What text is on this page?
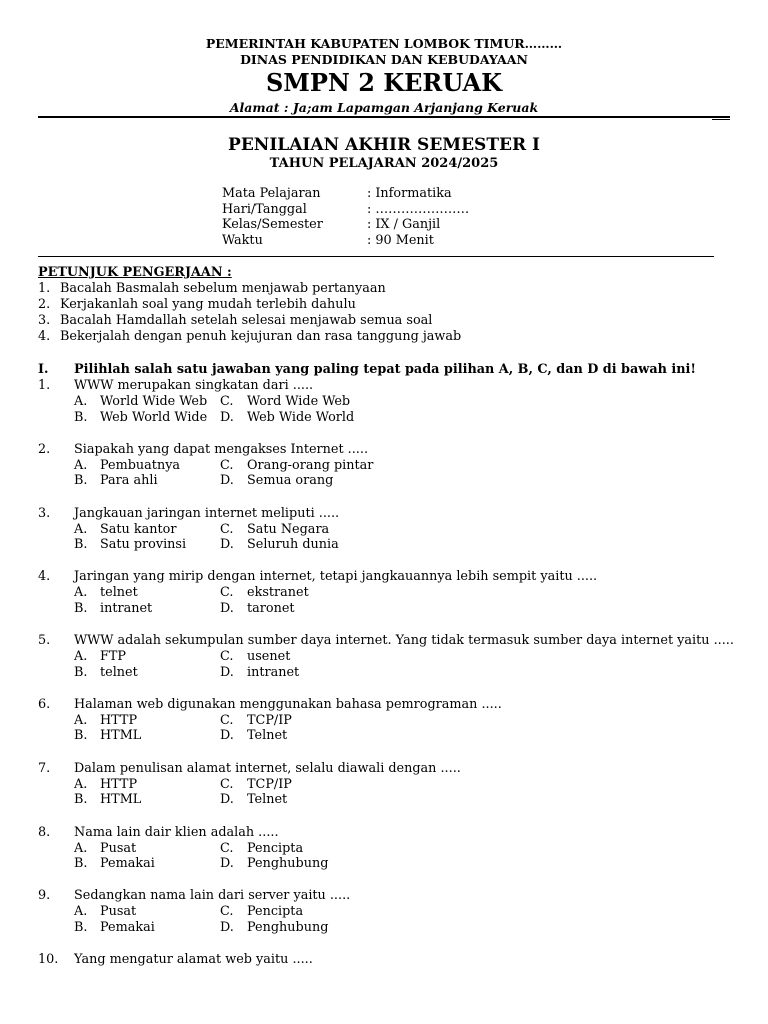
PEMERINTAH KABUPATEN LOMBOK TIMUR………
DINAS PENDIDIKAN DAN KEBUDAYAAN
SMPN 2 KERUAK
Alamat : Ja;am Lapamgan Arjanjang Keruak
PENILAIAN AKHIR SEMESTER I
TAHUN PELAJARAN 2024/2025
Mata Pelajaran	: Informatika
Hari/Tanggal	: ………………….
Kelas/Semester	: IX / Ganjil
Waktu	: 90 Menit
PETUNJUK PENGERJAAN :
1. Bacalah Basmalah sebelum menjawab pertanyaan
2. Kerjakanlah soal yang mudah terlebih dahulu
3. Bacalah Hamdallah setelah selesai menjawab semua soal
4. Bekerjalah dengan penuh kejujuran dan rasa tanggung jawab
I. Pilihlah salah satu jawaban yang paling tepat pada pilihan A, B, C, dan D di bawah ini!
1. WWW merupakan singkatan dari .....
A. World Wide Web C. Word Wide Web
B. Web World Wide D. Web Wide World
2. Siapakah yang dapat mengakses Internet .....
A. Pembuatnya	C. Orang-orang pintar
B. Para ahli	D. Semua orang
3. Jangkauan jaringan internet meliputi .....
A. Satu kantor	C. Satu Negara
B. Satu provinsi	D. Seluruh dunia
4. Jaringan yang mirip dengan internet, tetapi jangkauannya lebih sempit yaitu .....
A. telnet	C. ekstranet
B. intranet	D. taronet
5. WWW adalah sekumpulan sumber daya internet. Yang tidak termasuk sumber daya internet yaitu .....
A. FTP	C. usenet
B. telnet	D. intranet
6. Halaman web digunakan menggunakan bahasa pemrograman .....
A. HTTP	C. TCP/IP
B. HTML	D. Telnet
7. Dalam penulisan alamat internet, selalu diawali dengan .....
A. HTTP	C. TCP/IP
B. HTML	D. Telnet
8. Nama lain dair klien adalah .....
A. Pusat	C. Pencipta
B. Pemakai	D. Penghubung
9. Sedangkan nama lain dari server yaitu .....
A. Pusat	C. Pencipta
B. Pemakai	D. Penghubung
10. Yang mengatur alamat web yaitu .....
